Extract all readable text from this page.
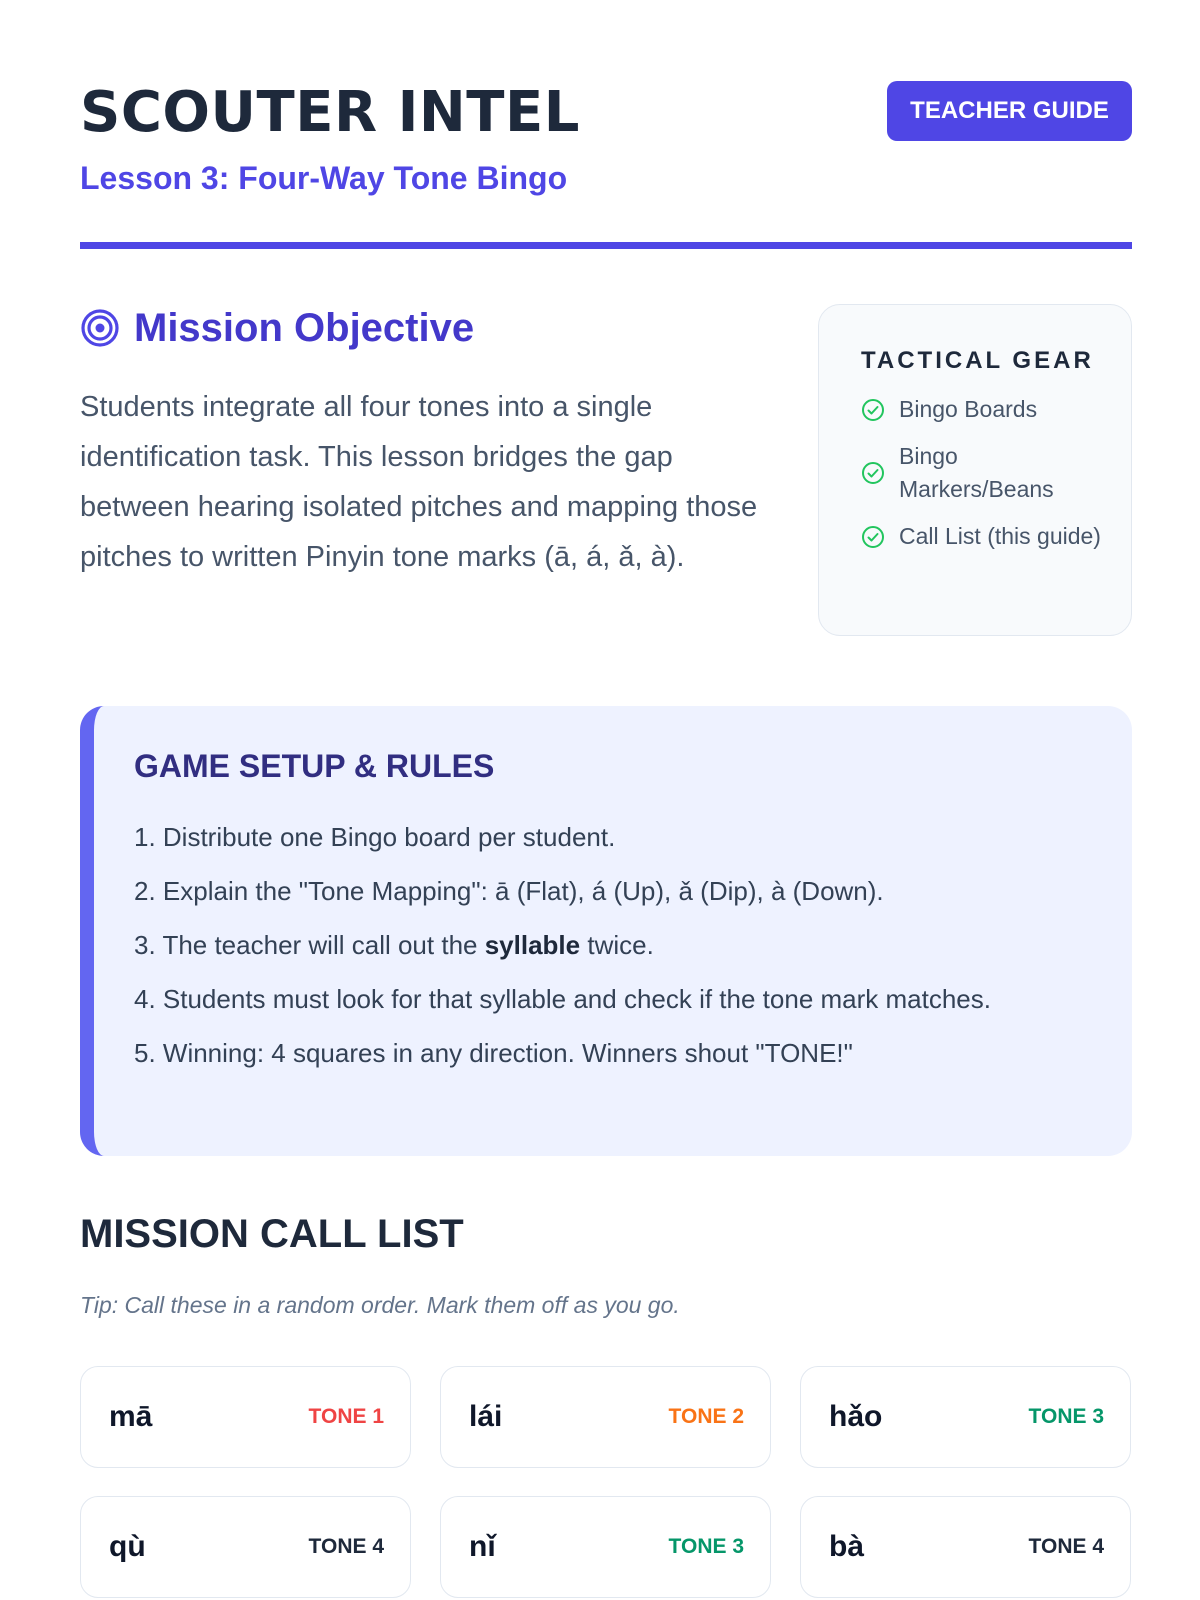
SCOUTER INTEL
Lesson 3: Four-Way Tone Bingo
TEACHER GUIDE
Mission Objective

Students integrate all four tones into a single identification task. This lesson bridges the gap between hearing isolated pitches and mapping those pitches to written Pinyin tone marks (ā, á, ǎ, à).

TACTICAL GEAR
Bingo Boards
Bingo Markers/Beans
Call List (this guide)
GAME SETUP & RULES
1. Distribute one Bingo board per student.
2. Explain the "Tone Mapping": ā (Flat), á (Up), ǎ (Dip), à (Down).
3. The teacher will call out the syllable twice.
4. Students must look for that syllable and check if the tone mark matches.
5. Winning: 4 squares in any direction. Winners shout "TONE!"
MISSION CALL LIST

Tip: Call these in a random order. Mark them off as you go.

mā	TONE 1	lái	TONE 2	hǎo	TONE 3
qù	TONE 4	nǐ	TONE 3	bà	TONE 4
